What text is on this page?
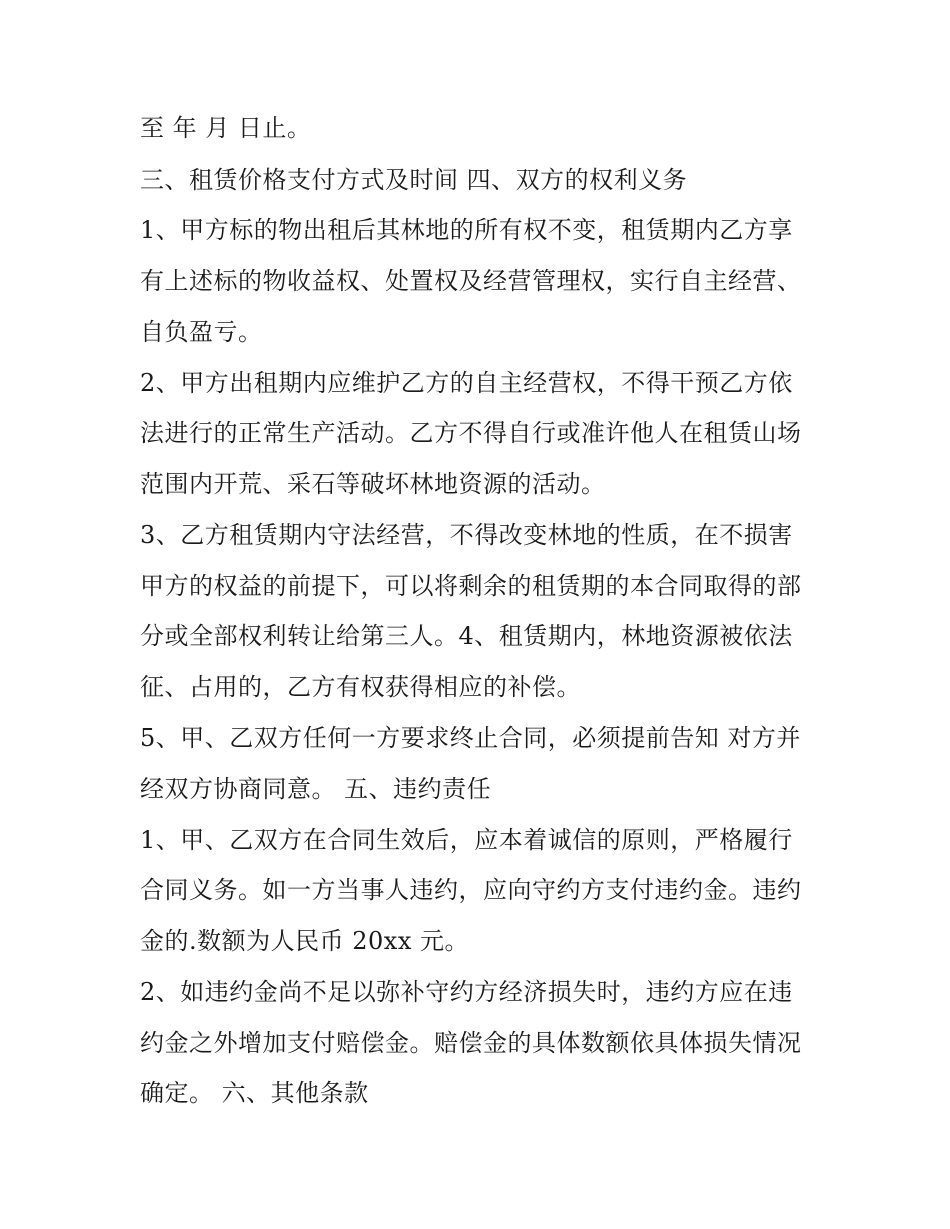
至 年 月 日止。
三、租赁价格支付方式及时间 四、双方的权利义务
1、甲方标的物出租后其林地的所有权不变，租赁期内乙方享
有上述标的物收益权、处置权及经营管理权，实行自主经营、
自负盈亏。
2、甲方出租期内应维护乙方的自主经营权，不得干预乙方依
法进行的正常生产活动。乙方不得自行或准许他人在租赁山场
范围内开荒、采石等破坏林地资源的活动。
3、乙方租赁期内守法经营，不得改变林地的性质，在不损害
甲方的权益的前提下，可以将剩余的租赁期的本合同取得的部
分或全部权利转让给第三人。4、租赁期内，林地资源被依法
征、占用的，乙方有权获得相应的补偿。
5、甲、乙双方任何一方要求终止合同，必须提前告知 对方并
经双方协商同意。 五、违约责任
1、甲、乙双方在合同生效后，应本着诚信的原则，严格履行
合同义务。如一方当事人违约，应向守约方支付违约金。违约
金的.数额为人民币 20xx 元。
2、如违约金尚不足以弥补守约方经济损失时，违约方应在违
约金之外增加支付赔偿金。赔偿金的具体数额依具体损失情况
确定。 六、其他条款
